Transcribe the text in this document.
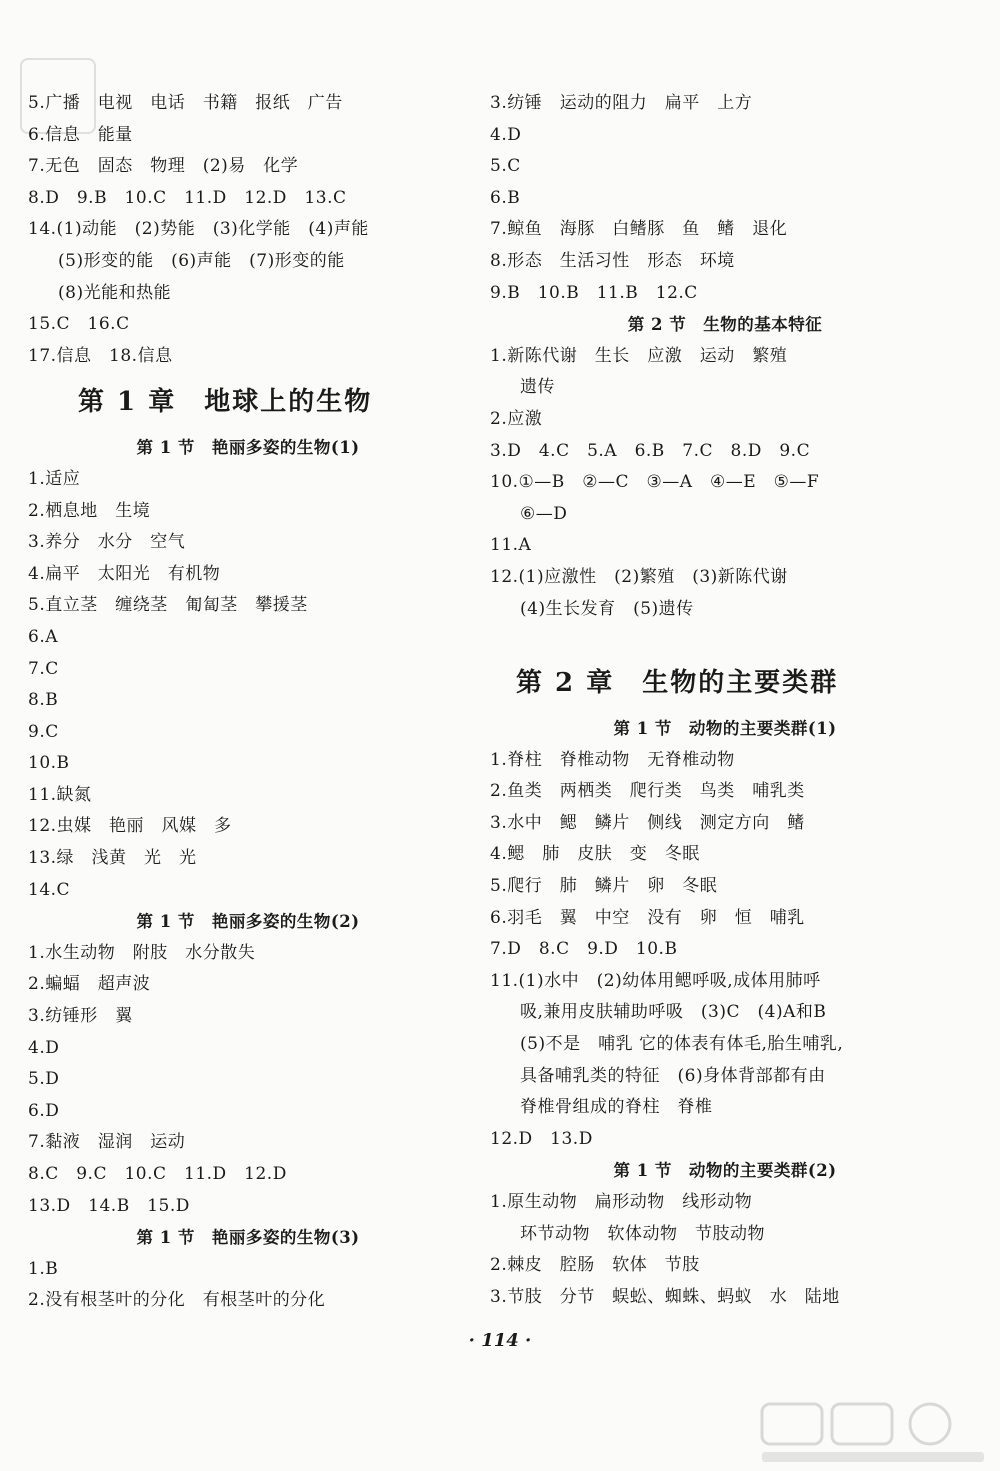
5.广播　电视　电话　书籍　报纸　广告
6.信息　能量
7.无色　固态　物理　(2)易　化学
8.D　9.B　10.C　11.D　12.D　13.C
14.(1)动能　(2)势能　(3)化学能　(4)声能
(5)形变的能　(6)声能　(7)形变的能
(8)光能和热能
15.C　16.C
17.信息　18.信息
第 1 章　地球上的生物
第 1 节　艳丽多姿的生物(1)
1.适应
2.栖息地　生境
3.养分　水分　空气
4.扁平　太阳光　有机物
5.直立茎　缠绕茎　匍匐茎　攀援茎
6.A
7.C
8.B
9.C
10.B
11.缺氮
12.虫媒　艳丽　风媒　多
13.绿　浅黄　光　光
14.C
第 1 节　艳丽多姿的生物(2)
1.水生动物　附肢　水分散失
2.蝙蝠　超声波
3.纺锤形　翼
4.D
5.D
6.D
7.黏液　湿润　运动
8.C　9.C　10.C　11.D　12.D
13.D　14.B　15.D
第 1 节　艳丽多姿的生物(3)
1.B
2.没有根茎叶的分化　有根茎叶的分化
3.纺锤　运动的阻力　扁平　上方
4.D
5.C
6.B
7.鲸鱼　海豚　白鳍豚　鱼　鳍　退化
8.形态　生活习性　形态　环境
9.B　10.B　11.B　12.C
第 2 节　生物的基本特征
1.新陈代谢　生长　应激　运动　繁殖
遗传
2.应激
3.D　4.C　5.A　6.B　7.C　8.D　9.C
10.①—B　②—C　③—A　④—E　⑤—F
⑥—D
11.A
12.(1)应激性　(2)繁殖　(3)新陈代谢
(4)生长发育　(5)遗传
第 2 章　生物的主要类群
第 1 节　动物的主要类群(1)
1.脊柱　脊椎动物　无脊椎动物
2.鱼类　两栖类　爬行类　鸟类　哺乳类
3.水中　鳃　鳞片　侧线　测定方向　鳍
4.鳃　肺　皮肤　变　冬眠
5.爬行　肺　鳞片　卵　冬眠
6.羽毛　翼　中空　没有　卵　恒　哺乳
7.D　8.C　9.D　10.B
11.(1)水中　(2)幼体用鳃呼吸,成体用肺呼
吸,兼用皮肤辅助呼吸　(3)C　(4)A和B
(5)不是　哺乳 它的体表有体毛,胎生哺乳,
具备哺乳类的特征　(6)身体背部都有由
脊椎骨组成的脊柱　脊椎
12.D　13.D
第 1 节　动物的主要类群(2)
1.原生动物　扁形动物　线形动物
环节动物　软体动物　节肢动物
2.棘皮　腔肠　软体　节肢
3.节肢　分节　蜈蚣、蜘蛛、蚂蚁　水　陆地
· 114 ·
